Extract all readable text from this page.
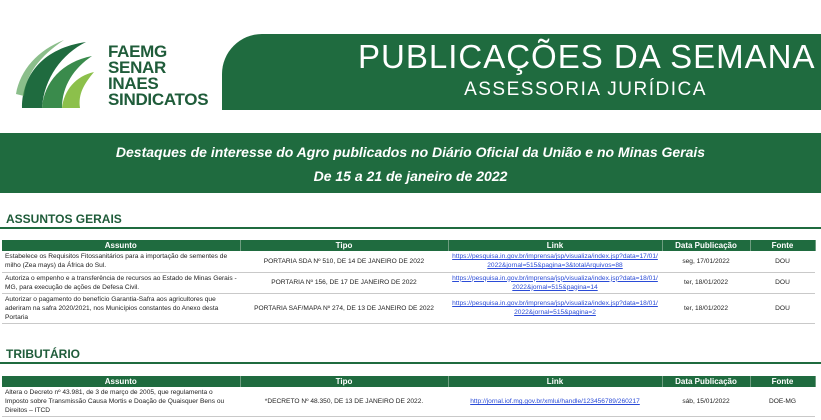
FAEMG
SENAR
INAES
SINDICATOS
PUBLICAÇÕES DA SEMANA
ASSESSORIA JURÍDICA
Destaques de interesse do Agro publicados no Diário Oficial da União e no Minas Gerais
De 15 a 21 de janeiro de 2022
ASSUNTOS GERAIS
Assunto	Tipo	Link	Data Publicação	Fonte
Estabelece os Requisitos Fitossanitários para a importação de sementes de milho (Zea mays) da África do Sul.	PORTARIA SDA Nº 510, DE 14 DE JANEIRO DE 2022	https://pesquisa.in.gov.br/imprensa/jsp/visualiza/index.jsp?data=17/01/2022&jornal=515&pagina=3&totalArquivos=88	seg, 17/01/2022	DOU
Autoriza o empenho e a transferência de recursos ao Estado de Minas Gerais - MG, para execução de ações de Defesa Civil.	PORTARIA Nº 156, DE 17 DE JANEIRO DE 2022	https://pesquisa.in.gov.br/imprensa/jsp/visualiza/index.jsp?data=18/01/2022&jornal=515&pagina=14	ter, 18/01/2022	DOU
Autorizar o pagamento do benefício Garantia-Safra aos agricultores que aderiram na safra 2020/2021, nos Municípios constantes do Anexo desta Portaria	PORTARIA SAF/MAPA Nº 274, DE 13 DE JANEIRO DE 2022	https://pesquisa.in.gov.br/imprensa/jsp/visualiza/index.jsp?data=18/01/2022&jornal=515&pagina=2	ter, 18/01/2022	DOU
TRIBUTÁRIO
Assunto	Tipo	Link	Data Publicação	Fonte
Altera o Decreto nº 43.981, de 3 de março de 2005, que regulamenta o Imposto sobre Transmissão Causa Mortis e Doação de Quaisquer Bens ou Direitos – ITCD	*DECRETO Nº 48.350, DE 13 DE JANEIRO DE 2022.	http://jornal.iof.mg.gov.br/xmlui/handle/123456789/260217	sáb, 15/01/2022	DOE-MG
